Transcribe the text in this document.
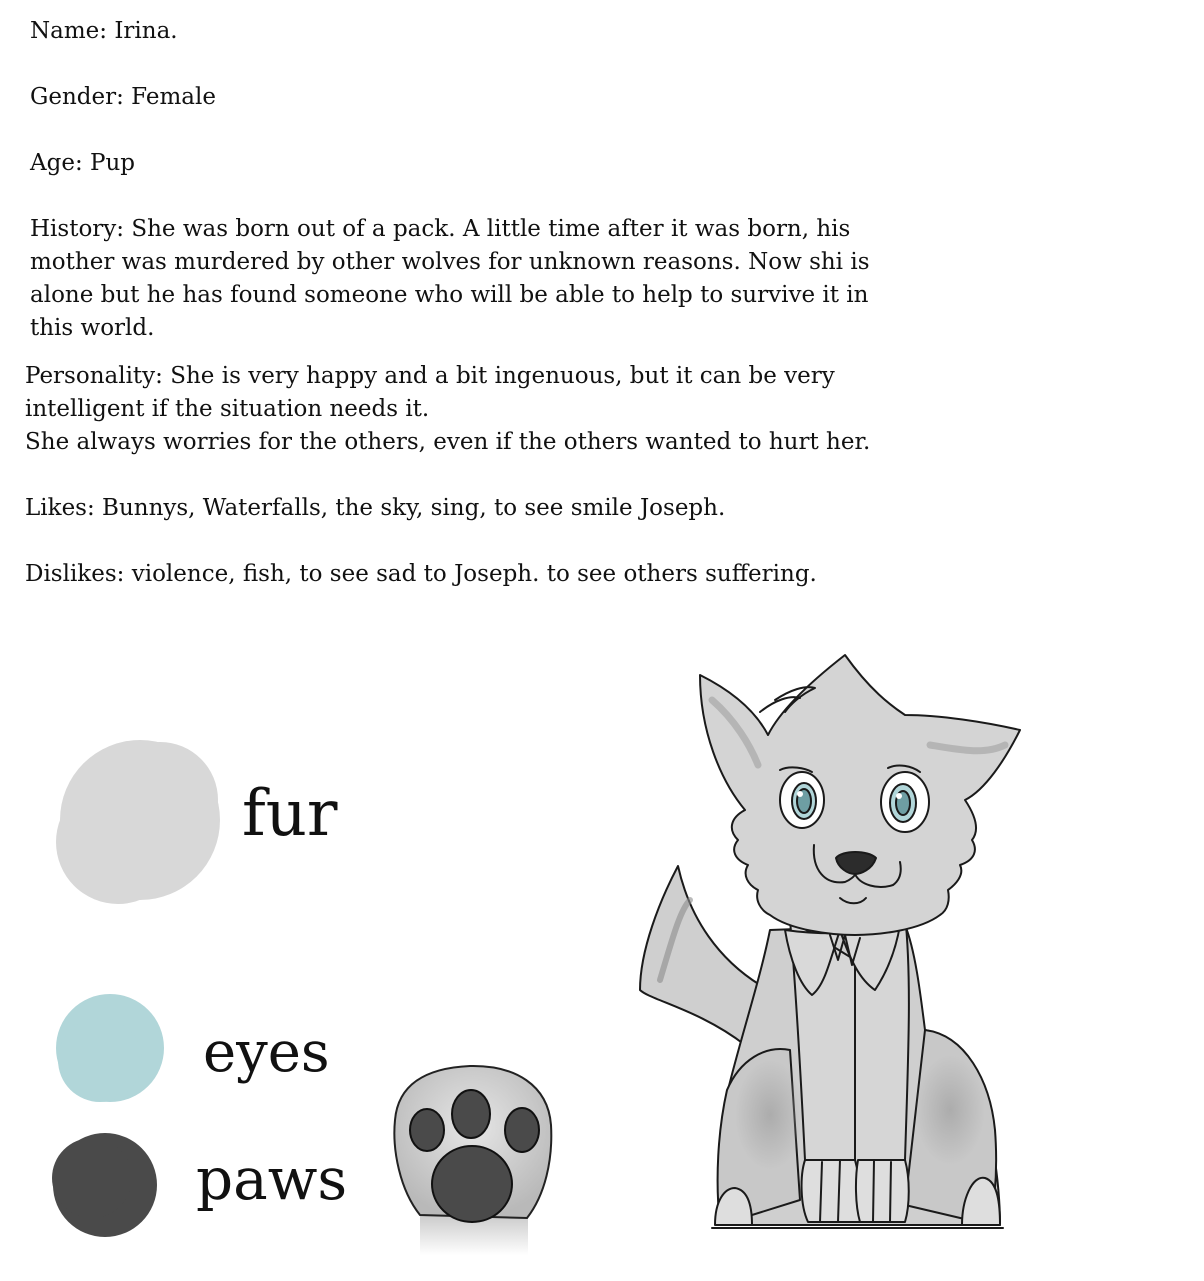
Name: Irina.
Gender: Female
Age: Pup
History: She was born out of a pack. A little time after it was born, his
mother was murdered by other wolves for unknown reasons. Now shi is
alone but he has found someone who will be able to help to survive it in
this world.
Personality: She is very happy and a bit ingenuous, but it can be very
intelligent if the situation needs it.
She always worries for the others, even if the others wanted to hurt her.
Likes: Bunnys, Waterfalls, the sky, sing, to see smile Joseph.
Dislikes: violence, fish, to see sad to Joseph. to see others suffering.
fur
eyes
paws
